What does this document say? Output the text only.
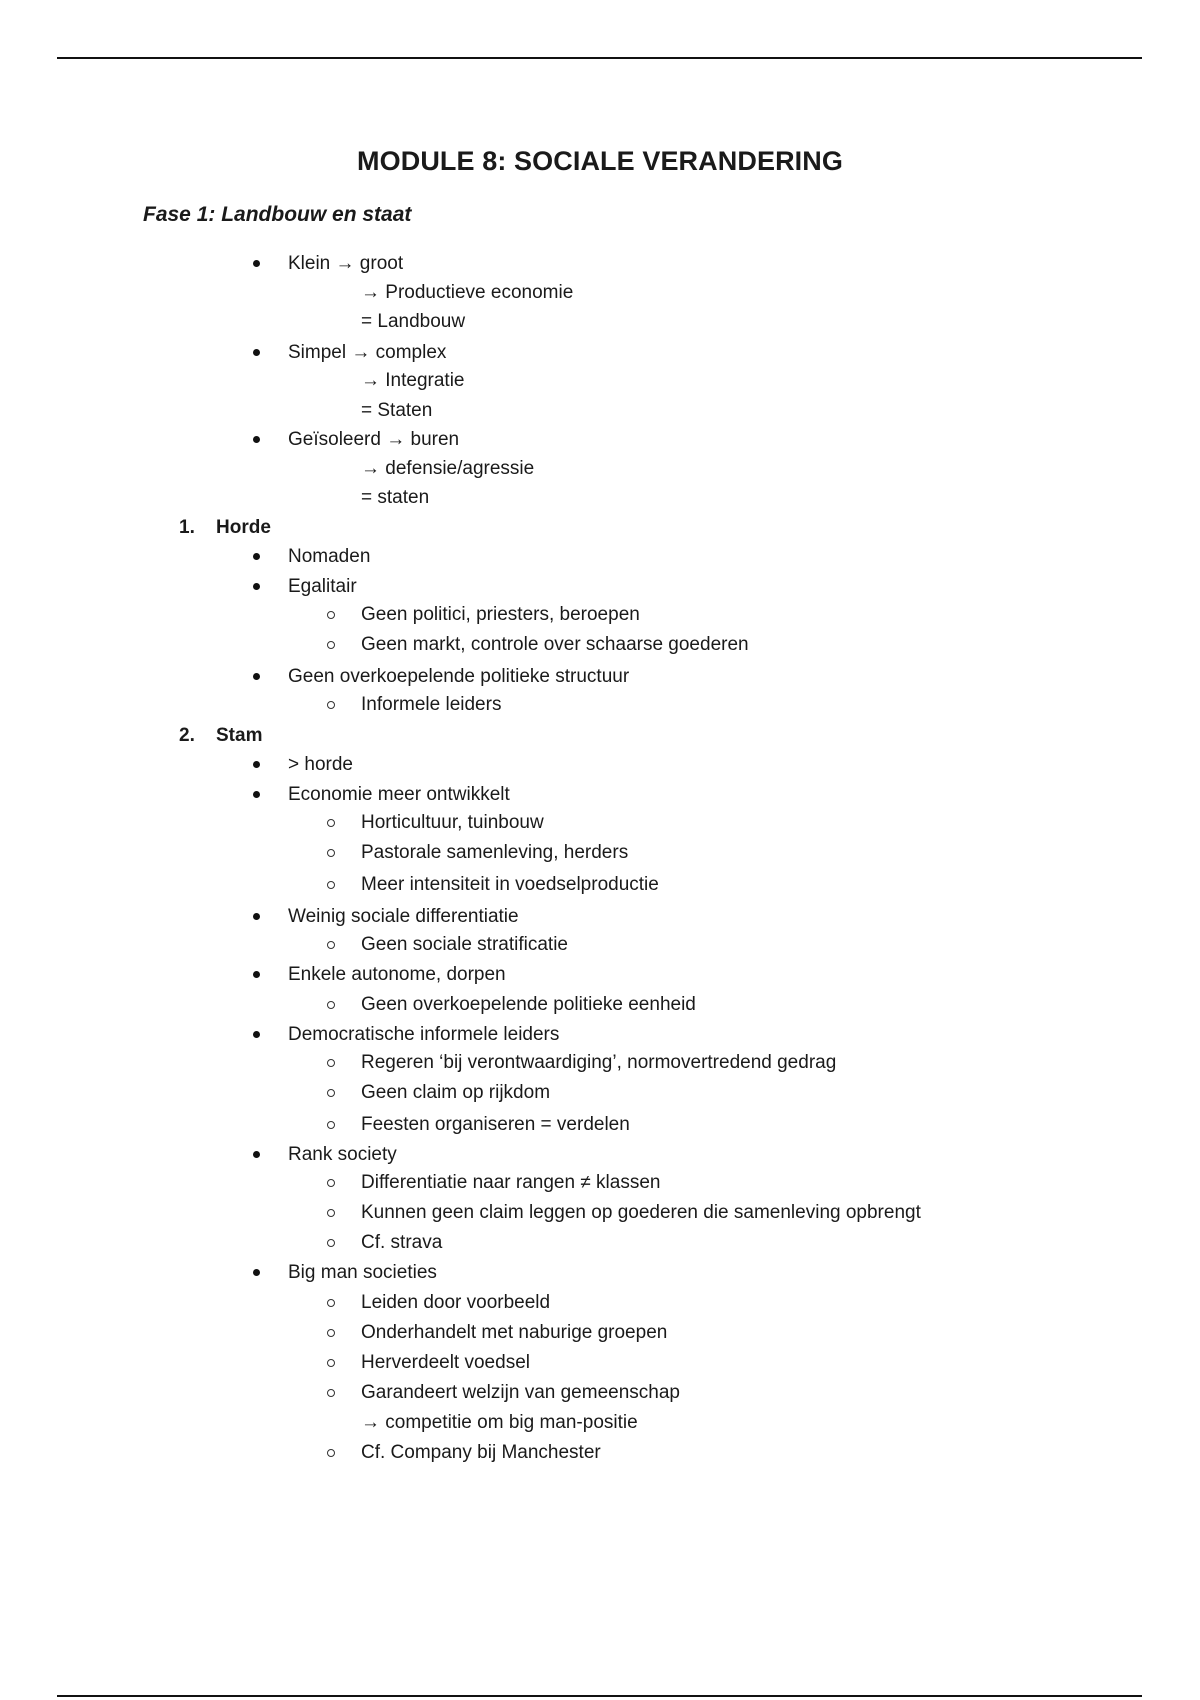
MODULE 8: SOCIALE VERANDERING
Fase 1: Landbouw en staat
Klein → groot
→ Productieve economie
= Landbouw
Simpel → complex
→ Integratie
= Staten
Geïsoleerd → buren
→ defensie/agressie
= staten
1. Horde
Nomaden
Egalitair
Geen politici, priesters, beroepen
Geen markt, controle over schaarse goederen
Geen overkoepelende politieke structuur
Informele leiders
2. Stam
> horde
Economie meer ontwikkelt
Horticultuur, tuinbouw
Pastorale samenleving, herders
Meer intensiteit in voedselproductie
Weinig sociale differentiatie
Geen sociale stratificatie
Enkele autonome, dorpen
Geen overkoepelende politieke eenheid
Democratische informele leiders
Regeren ‘bij verontwaardiging’, normovertredend gedrag
Geen claim op rijkdom
Feesten organiseren = verdelen
Rank society
Differentiatie naar rangen ≠ klassen
Kunnen geen claim leggen op goederen die samenleving opbrengt
Cf. strava
Big man societies
Leiden door voorbeeld
Onderhandelt met naburige groepen
Herverdeelt voedsel
Garandeert welzijn van gemeenschap
→ competitie om big man-positie
Cf. Company bij Manchester
